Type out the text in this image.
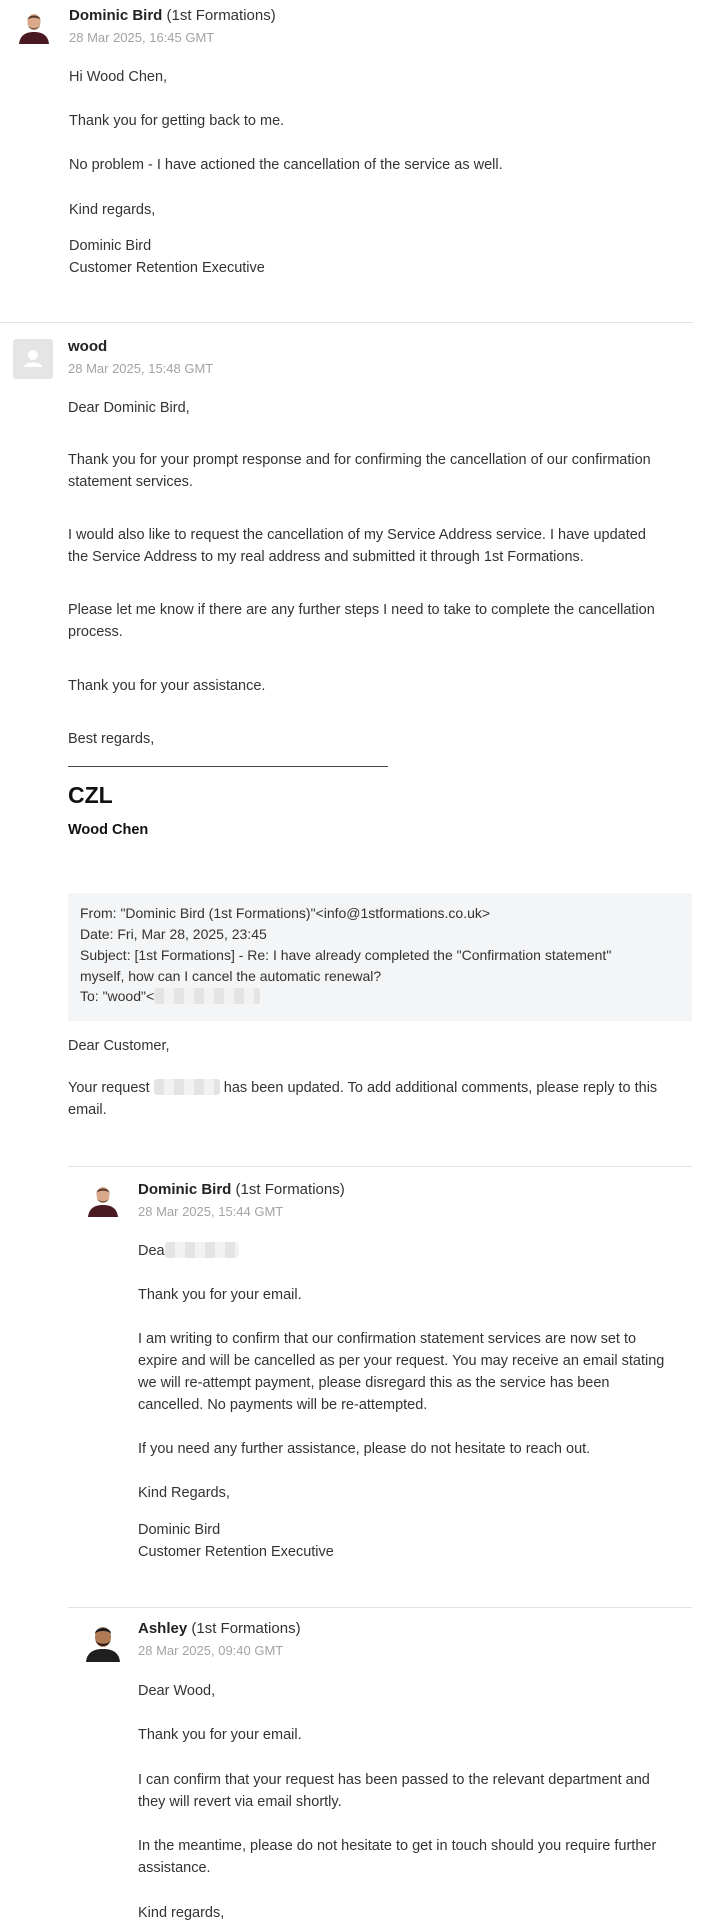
Dominic Bird (1st Formations)
28 Mar 2025, 16:45 GMT

Hi Wood Chen,

Thank you for getting back to me.

No problem - I have actioned the cancellation of the service as well.

Kind regards,

Dominic Bird

Customer Retention Executive

wood
28 Mar 2025, 15:48 GMT

Dear Dominic Bird,

Thank you for your prompt response and for confirming the cancellation of our confirmation

statement services.

I would also like to request the cancellation of my Service Address service. I have updated

the Service Address to my real address and submitted it through 1st Formations.

Please let me know if there are any further steps I need to take to complete the cancellation

process.

Thank you for your assistance.

Best regards,

CZL
Wood Chen
From: "Dominic Bird (1st Formations)"<info@1stformations.co.uk>
Date: Fri, Mar 28, 2025, 23:45
Subject: [1st Formations] - Re: I have already completed the "Confirmation statement"
myself, how can I cancel the automatic renewal?
To: "wood"<

Dear Customer,

Your request	has been updated. To add additional comments, please reply to this

email.

Dominic Bird (1st Formations)
28 Mar 2025, 15:44 GMT

Dea

Thank you for your email.

I am writing to confirm that our confirmation statement services are now set to

expire and will be cancelled as per your request. You may receive an email stating

we will re-attempt payment, please disregard this as the service has been

cancelled. No payments will be re-attempted.

If you need any further assistance, please do not hesitate to reach out.

Kind Regards,

Dominic Bird

Customer Retention Executive

Ashley (1st Formations)
28 Mar 2025, 09:40 GMT

Dear Wood,

Thank you for your email.

I can confirm that your request has been passed to the relevant department and

they will revert via email shortly.

In the meantime, please do not hesitate to get in touch should you require further

assistance.

Kind regards,
